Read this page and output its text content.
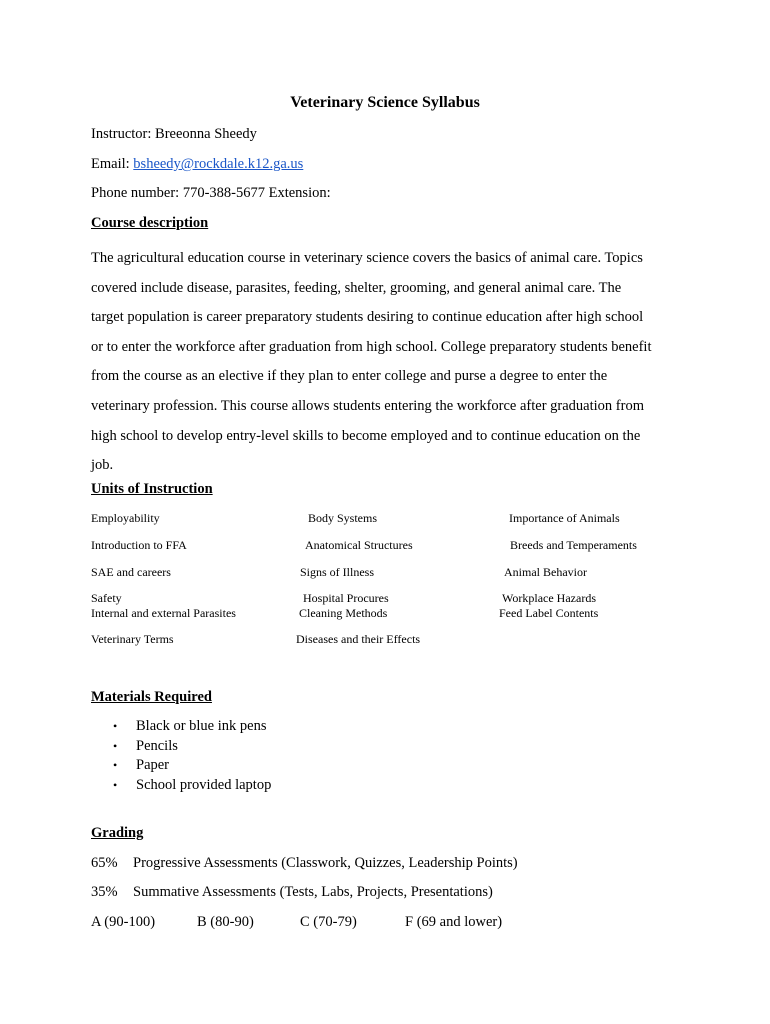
Veterinary Science Syllabus
Instructor: Breeonna Sheedy
Email: bsheedy@rockdale.k12.ga.us
Phone number: 770-388-5677 Extension:
Course description

The agricultural education course in veterinary science covers the basics of animal care. Topics

covered include disease, parasites, feeding, shelter, grooming, and general animal care. The

target population is career preparatory students desiring to continue education after high school

or to enter the workforce after graduation from high school. College preparatory students benefit

from the course as an elective if they plan to enter college and purse a degree to enter the

veterinary profession. This course allows students entering the workforce after graduation from

high school to develop entry-level skills to become employed and to continue education on the

job.

Units of Instruction
Employability	Body Systems	Importance of Animals
Introduction to FFA	Anatomical Structures	Breeds and Temperaments
SAE and careers	Signs of Illness	Animal Behavior
Safety	Hospital Procures	Workplace Hazards
Internal and external Parasites	Cleaning Methods	Feed Label Contents
Veterinary Terms	Diseases and their Effects
Materials Required
•	Black or blue ink pens
•	Pencils
•	Paper
•	School provided laptop
Grading
65% Progressive Assessments (Classwork, Quizzes, Leadership Points)
35% Summative Assessments (Tests, Labs, Projects, Presentations)
A (90-100)	B (80-90)	C (70-79)	F (69 and lower)
